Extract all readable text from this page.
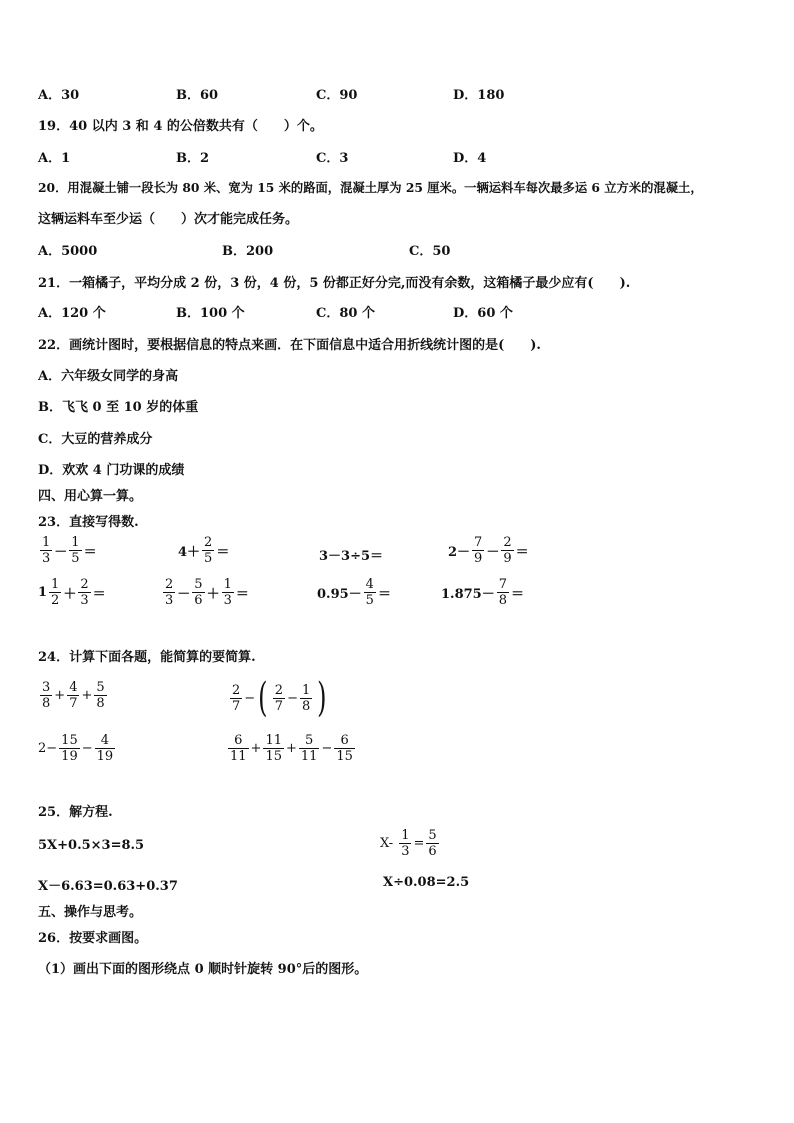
A．30	B．60	C．90	D．180
19．40 以内 3 和 4 的公倍数共有（　　）个。
A．1	B．2	C．3	D．4
20．用混凝土铺一段长为 80 米、宽为 15 米的路面，混凝土厚为 25 厘米。一辆运料车每次最多运 6 立方米的混凝土，
这辆运料车至少运（　　）次才能完成任务。
A．5000	B．200	C．50
21．一箱橘子，平均分成 2 份，3 份，4 份，5 份都正好分完,而没有余数，这箱橘子最少应有(　　).
A．120 个	B．100 个	C．80 个	D．60 个
22．画统计图时，要根据信息的特点来画．在下面信息中适合用折线统计图的是(　　).
A．六年级女同学的身高
B．飞飞 0 至 10 岁的体重
C．大豆的营养成分
D．欢欢 4 门功课的成绩
四、用心算一算。
23．直接写得数.
$\frac{1}{3} - \frac{1}{5}$ ＝	$4+ \frac{2}{5}$ ＝	3－3÷5＝	$2- \frac{7}{9} - \frac{2}{9}$ ＝
$1 \frac{1}{2} + \frac{2}{3}$ ＝	$\frac{2}{3} - \frac{5}{6} + \frac{1}{3}$ ＝	$0.95- \frac{4}{5}$ ＝	$1.875- \frac{7}{8}$ ＝
24．计算下面各题，能简算的要简算.
$\frac{3}{8} + \frac{4}{7} + \frac{5}{8}$	$\frac{2}{7}$ − ( $\frac{2}{7} - \frac{1}{8}$ )
$2- \frac{15}{19} - \frac{4}{19}$	$\frac{6}{11} + \frac{11}{15} + \frac{5}{11} - \frac{6}{15}$
25．解方程.
5X+0.5×3=8.5	$X- \frac{1}{3} = \frac{5}{6}$
X－6.63=0.63+0.37	X÷0.08=2.5
五、操作与思考。
26．按要求画图。
（1）画出下面的图形绕点 0 顺时针旋转 90°后的图形。
